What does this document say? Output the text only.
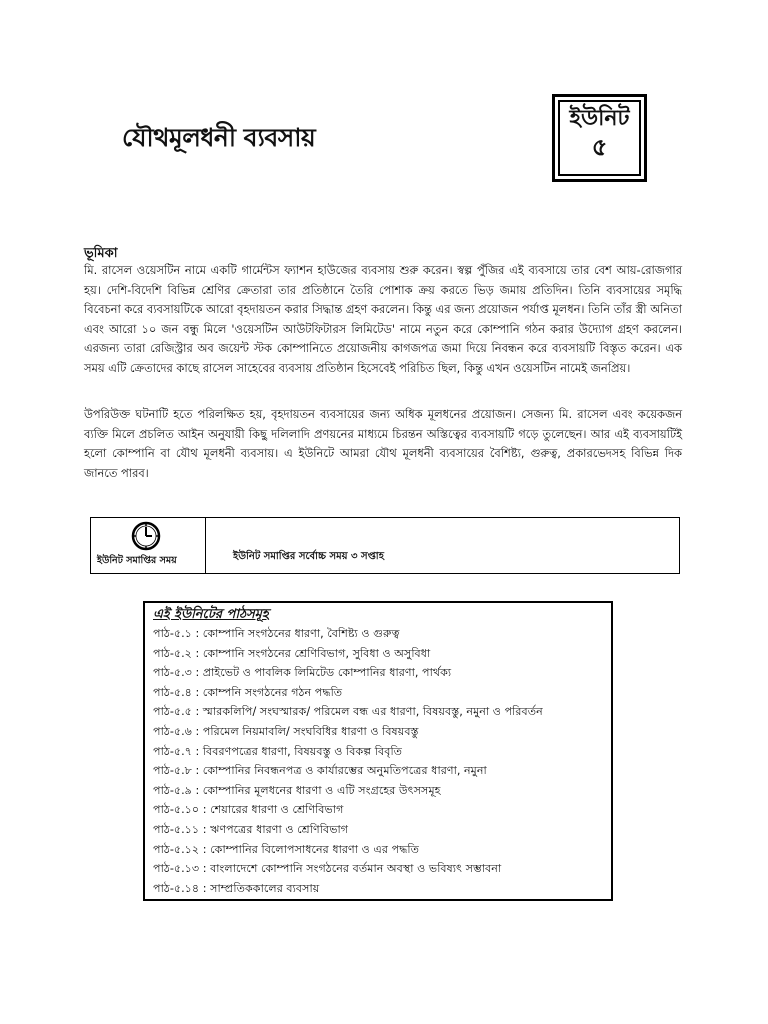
যৌথমূলধনী ব্যবসায়
ইউনিট
৫
ভূমিকা
মি. রাসেল ওয়েসটিন নামে একটি গার্মেন্টস ফ্যাশন হাউজের ব্যবসায় শুরু করেন। স্বল্প পুঁজির এই ব্যবসায়ে তার বেশ আয়-রোজগার হয়। দেশি-বিদেশি বিভিন্ন শ্রেণির ক্রেতারা তার প্রতিষ্ঠানে তৈরি পোশাক ক্রয় করতে ভিড় জমায় প্রতিদিন। তিনি ব্যবসায়ের সমৃদ্ধি বিবেচনা করে ব্যবসায়টিকে আরো বৃহদায়তন করার সিদ্ধান্ত গ্রহণ করলেন। কিন্তু এর জন্য প্রয়োজন পর্যাপ্ত মূলধন। তিনি তাঁর স্ত্রী অনিতা এবং আরো ১০ জন বন্ধু মিলে 'ওয়েসটিন আউটফিটারস লিমিটেড' নামে নতুন করে কোম্পানি গঠন করার উদ্যোগ গ্রহণ করলেন। এরজন্য তারা রেজিস্ট্রার অব জয়েন্ট স্টক কোম্পানিতে প্রয়োজনীয় কাগজপত্র জমা দিয়ে নিবন্ধন করে ব্যবসায়টি বিস্তৃত করেন। এক সময় এটি ক্রেতাদের কাছে রাসেল সাহেবের ব্যবসায় প্রতিষ্ঠান হিসেবেই পরিচিত ছিল, কিন্তু এখন ওয়েসটিন নামেই জনপ্রিয়।
উপরিউক্ত ঘটনাটি হতে পরিলক্ষিত হয়, বৃহদায়তন ব্যবসায়ের জন্য অধিক মূলধনের প্রয়োজন। সেজন্য মি. রাসেল এবং কয়েকজন ব্যক্তি মিলে প্রচলিত আইন অনুযায়ী কিছু দলিলাদি প্রণয়নের মাধ্যমে চিরন্তন অস্তিত্বের ব্যবসায়টি গড়ে তুলেছেন। আর এই ব্যবসায়টিই হলো কোম্পানি বা যৌথ মূলধনী ব্যবসায়। এ ইউনিটে আমরা যৌথ মূলধনী ব্যবসায়ের বৈশিষ্ট্য, গুরুত্ব, প্রকারভেদসহ বিভিন্ন দিক জানতে পারব।
ইউনিট সমাপ্তির সময়	ইউনিট সমাপ্তির সর্বোচ্চ সময় ৩ সপ্তাহ
এই ইউনিটের পাঠসমূহ
পাঠ-৫.১ : কোম্পানি সংগঠনের ধারণা, বৈশিষ্ট্য ও গুরুত্ব
পাঠ-৫.২ : কোম্পানি সংগঠনের শ্রেণিবিভাগ, সুবিধা ও অসুবিধা
পাঠ-৫.৩ : প্রাইভেট ও পাবলিক লিমিটেড কোম্পানির ধারণা, পার্থক্য
পাঠ-৫.৪ : কোম্পনি সংগঠনের গঠন পদ্ধতি
পাঠ-৫.৫ : স্মারকলিপি/ সংঘস্মারক/ পরিমেল বন্ধ এর ধারণা, বিষয়বস্তু, নমুনা ও পরিবর্তন
পাঠ-৫.৬ : পরিমেল নিয়মাবলি/ সংঘবিধির ধারণা ও বিষয়বস্তু
পাঠ-৫.৭ : বিবরণপত্রের ধারণা, বিষয়বস্তু ও বিকল্প বিবৃতি
পাঠ-৫.৮ : কোম্পানির নিবন্ধনপত্র ও কার্যারম্ভের অনুমতিপত্রের ধারণা, নমুনা
পাঠ-৫.৯ : কোম্পানির মূলধনের ধারণা ও এটি সংগ্রহের উৎসসমূহ
পাঠ-৫.১০ : শেয়ারের ধারণা ও শ্রেণিবিভাগ
পাঠ-৫.১১ : ঋণপত্রের ধারণা ও শ্রেণিবিভাগ
পাঠ-৫.১২ : কোম্পানির বিলোপসাধনের ধারণা ও এর পদ্ধতি
পাঠ-৫.১৩ : বাংলাদেশে কোম্পানি সংগঠনের বর্তমান অবস্থা ও ভবিষ্যৎ সম্ভাবনা
পাঠ-৫.১৪ : সাম্প্রতিককালের ব্যবসায়
